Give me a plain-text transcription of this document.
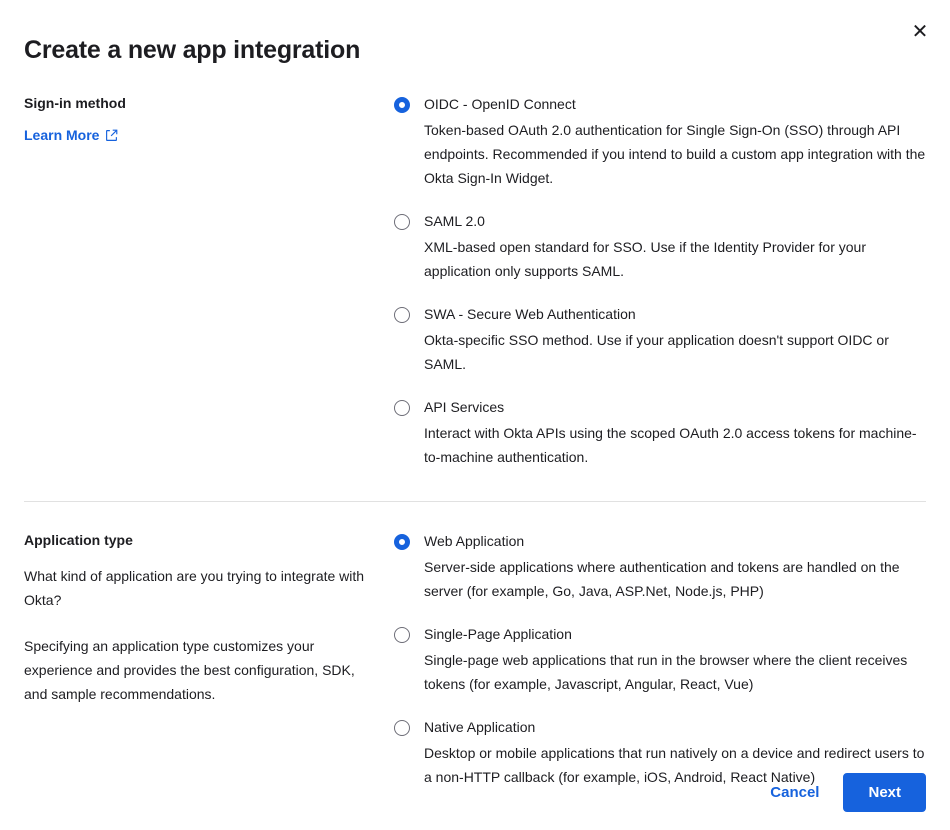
✕
Create a new app integration
Sign-in method
Learn More
OIDC - OpenID Connect
Token-based OAuth 2.0 authentication for Single Sign-On (SSO) through API endpoints. Recommended if you intend to build a custom app integration with the Okta Sign-In Widget.
SAML 2.0
XML-based open standard for SSO. Use if the Identity Provider for your application only supports SAML.
SWA - Secure Web Authentication
Okta-specific SSO method. Use if your application doesn't support OIDC or SAML.
API Services
Interact with Okta APIs using the scoped OAuth 2.0 access tokens for machine-to-machine authentication.
Application type

What kind of application are you trying to integrate with Okta?

Specifying an application type customizes your experience and provides the best configuration, SDK, and sample recommendations.

Web Application
Server-side applications where authentication and tokens are handled on the server (for example, Go, Java, ASP.Net, Node.js, PHP)
Single-Page Application
Single-page web applications that run in the browser where the client receives tokens (for example, Javascript, Angular, React, Vue)
Native Application
Desktop or mobile applications that run natively on a device and redirect users to a non-HTTP callback (for example, iOS, Android, React Native)
Cancel	Next
